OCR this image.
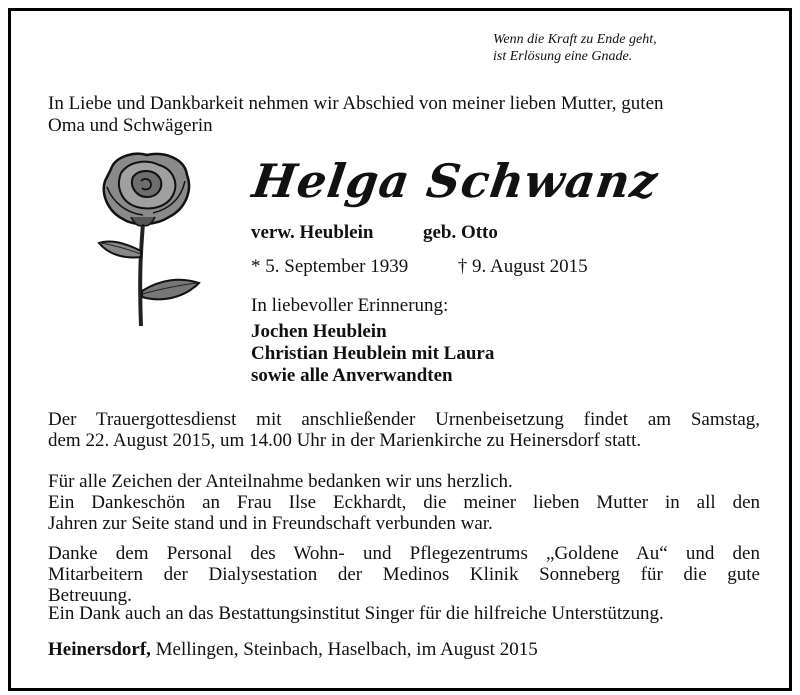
Wenn die Kraft zu Ende geht,
ist Erlösung eine Gnade.
In Liebe und Dankbarkeit nehmen wir Abschied von meiner lieben Mutter, guten
Oma und Schwägerin
Helga Schwanz
verw. Heublein	geb. Otto
* 5. September 1939	† 9. August 2015
In liebevoller Erinnerung:
Jochen Heublein
Christian Heublein mit Laura
sowie alle Anverwandten
Der Trauergottesdienst mit anschließender Urnenbeisetzung findet am Samstag,
dem 22. August 2015, um 14.00 Uhr in der Marienkirche zu Heinersdorf statt.
Für alle Zeichen der Anteilnahme bedanken wir uns herzlich.
Ein Dankeschön an Frau Ilse Eckhardt, die meiner lieben Mutter in all den
Jahren zur Seite stand und in Freundschaft verbunden war.
Danke dem Personal des Wohn- und Pflegezentrums „Goldene Au“ und den
Mitarbeitern der Dialysestation der Medinos Klinik Sonneberg für die gute
Betreuung.
Ein Dank auch an das Bestattungsinstitut Singer für die hilfreiche Unterstützung.
Heinersdorf, Mellingen, Steinbach, Haselbach, im August 2015
